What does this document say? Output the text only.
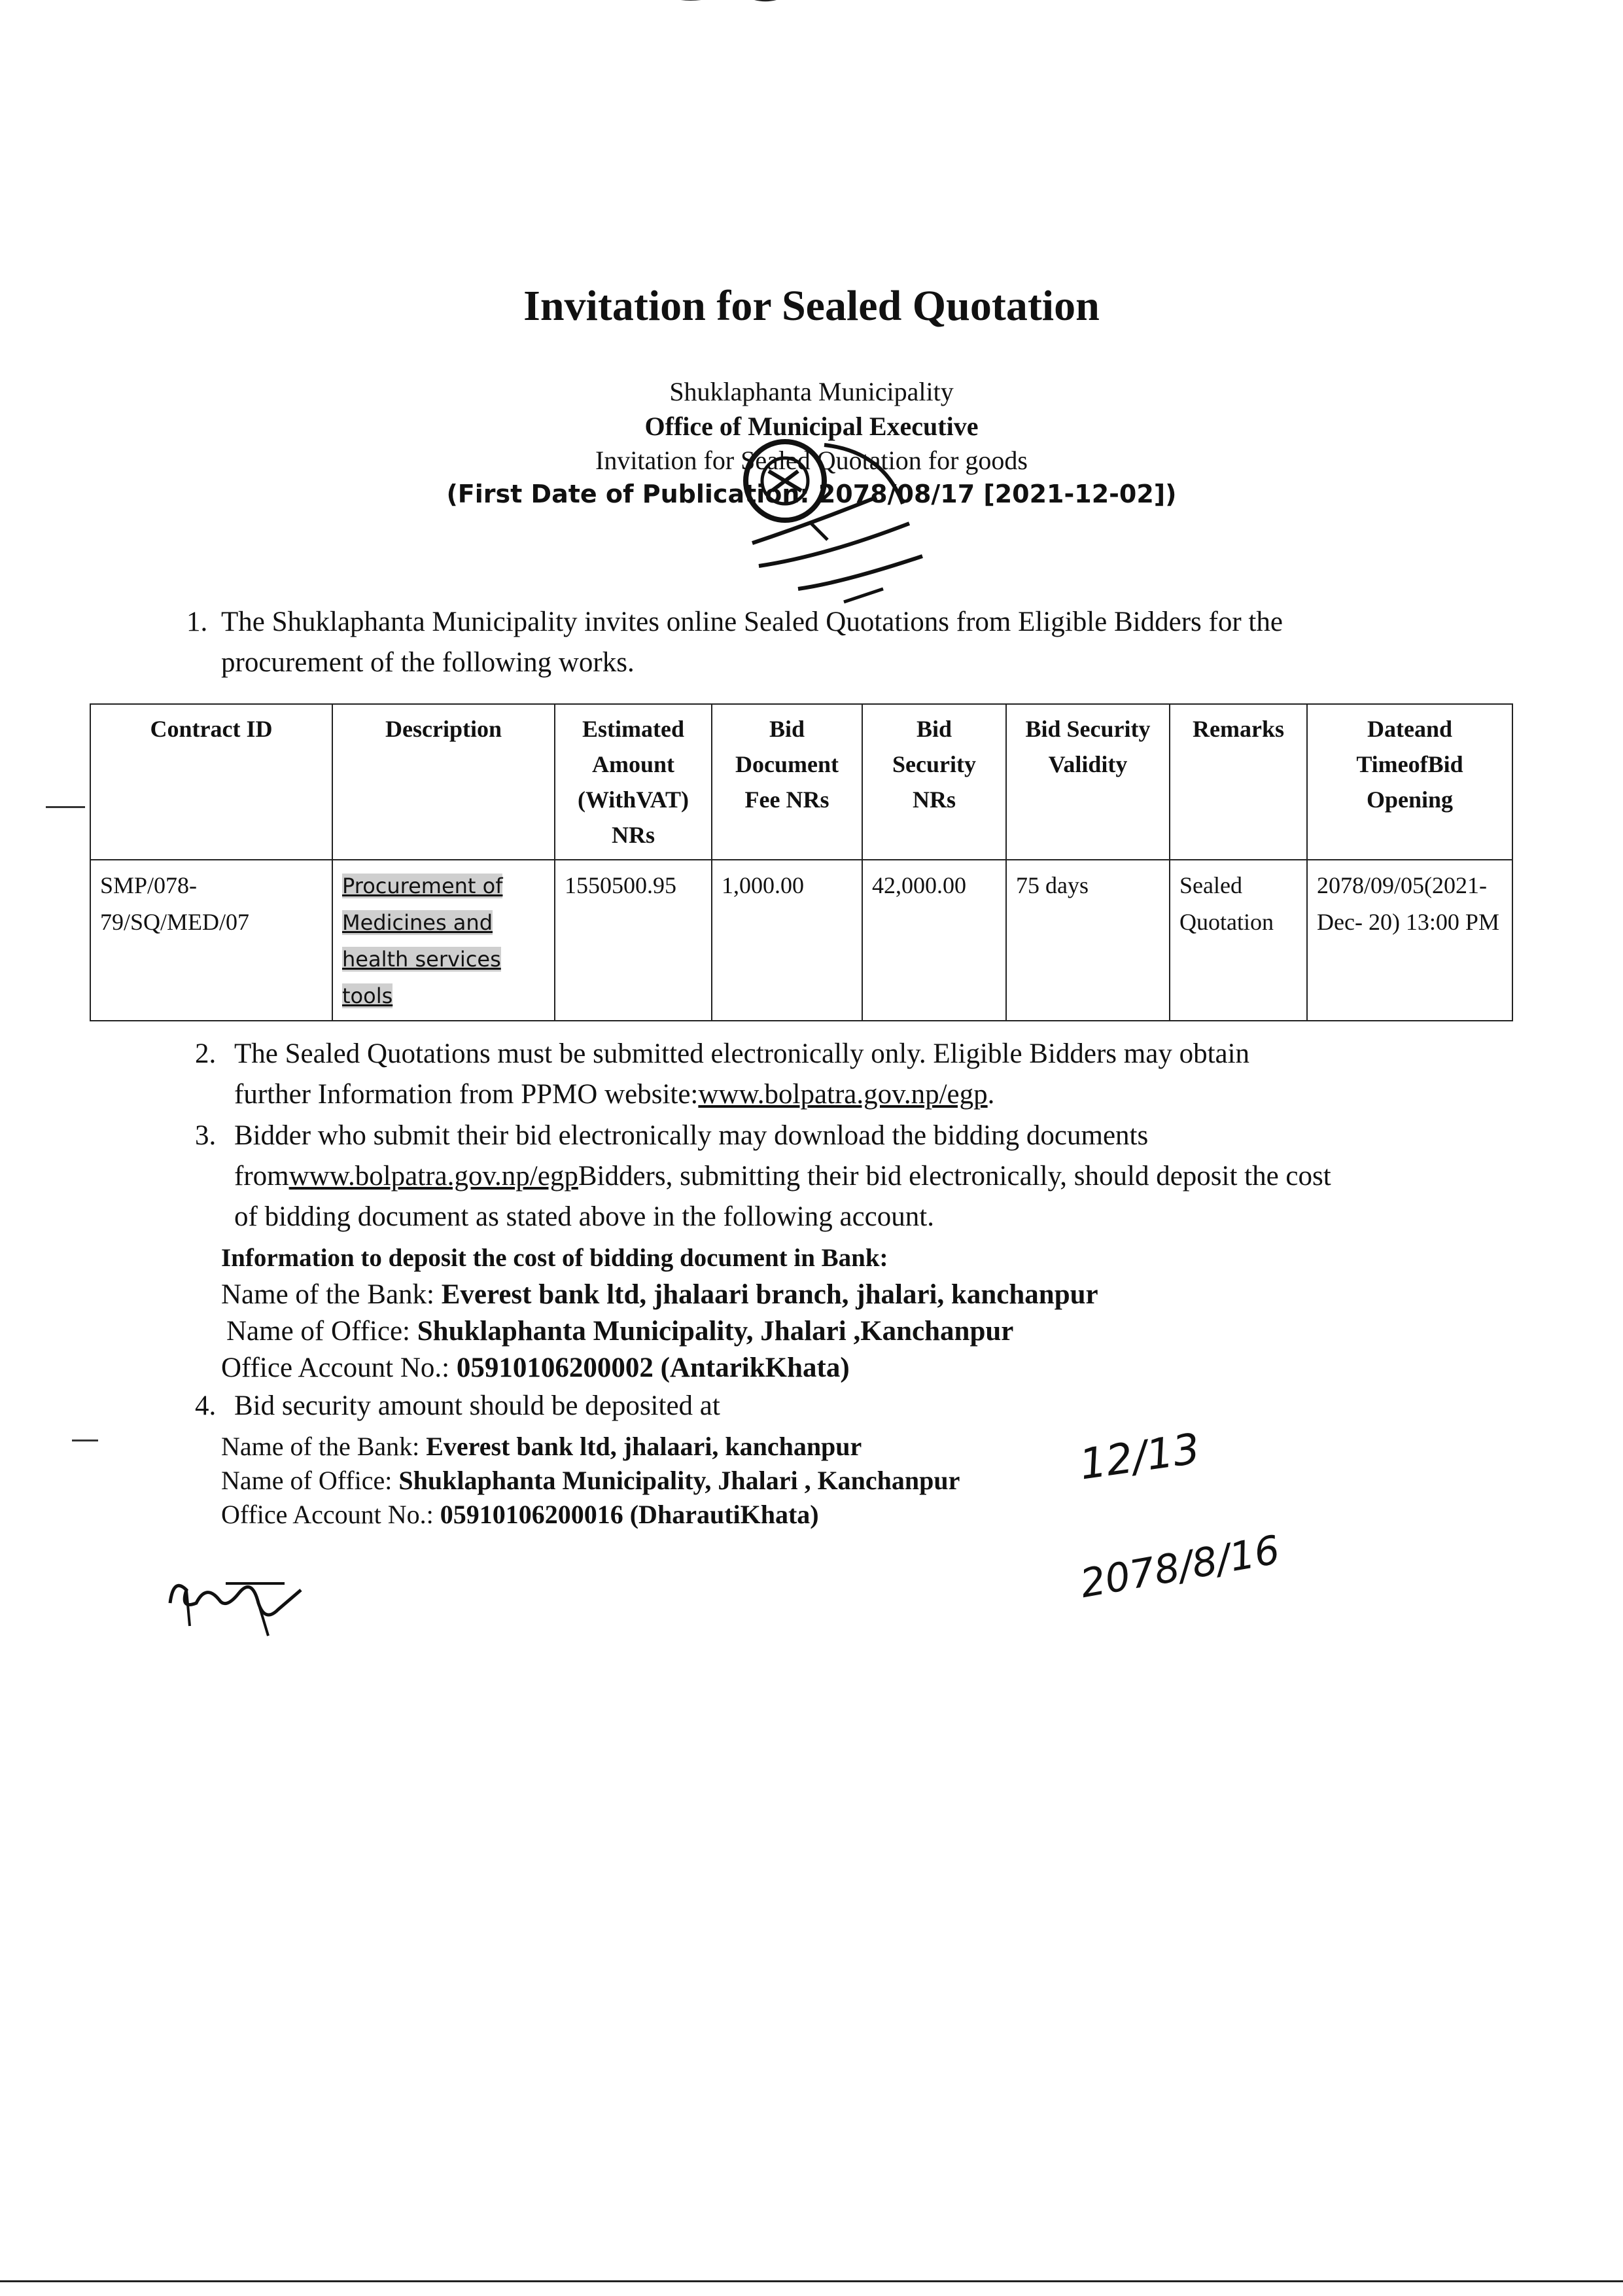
Invitation for Sealed Quotation
Shuklaphanta Municipality
Office of Municipal Executive
Invitation for Sealed Quotation for goods
(First Date of Publication: 2078/08/17 [2021-12-02])
1. The Shuklaphanta Municipality invites online Sealed Quotations from Eligible Bidders for the
procurement of the following works.
Contract ID	Description	Estimated Amount (WithVAT) NRs	Bid Document Fee NRs	Bid Security NRs	Bid Security Validity	Remarks	Dateand TimeofBid Opening
SMP/078-79/SQ/MED/07	Procurement of Medicines and health services tools	1550500.95	1,000.00	42,000.00	75 days	Sealed Quotation	2078/09/05(2021-Dec- 20) 13:00 PM
2. The Sealed Quotations must be submitted electronically only. Eligible Bidders may obtain
further Information from PPMO website:www.bolpatra.gov.np/egp.
3. Bidder who submit their bid electronically may download the bidding documents
fromwww.bolpatra.gov.np/egpBidders, submitting their bid electronically, should deposit the cost
of bidding document as stated above in the following account.
Information to deposit the cost of bidding document in Bank:
Name of the Bank: Everest bank ltd, jhalaari branch, jhalari, kanchanpur
Name of Office: Shuklaphanta Municipality, Jhalari ,Kanchanpur
Office Account No.: 05910106200002 (AntarikKhata)
4. Bid security amount should be deposited at
Name of the Bank: Everest bank ltd, jhalaari, kanchanpur
Name of Office: Shuklaphanta Municipality, Jhalari , Kanchanpur
Office Account No.: 05910106200016 (DharautiKhata)
12/13
2078/8/16
